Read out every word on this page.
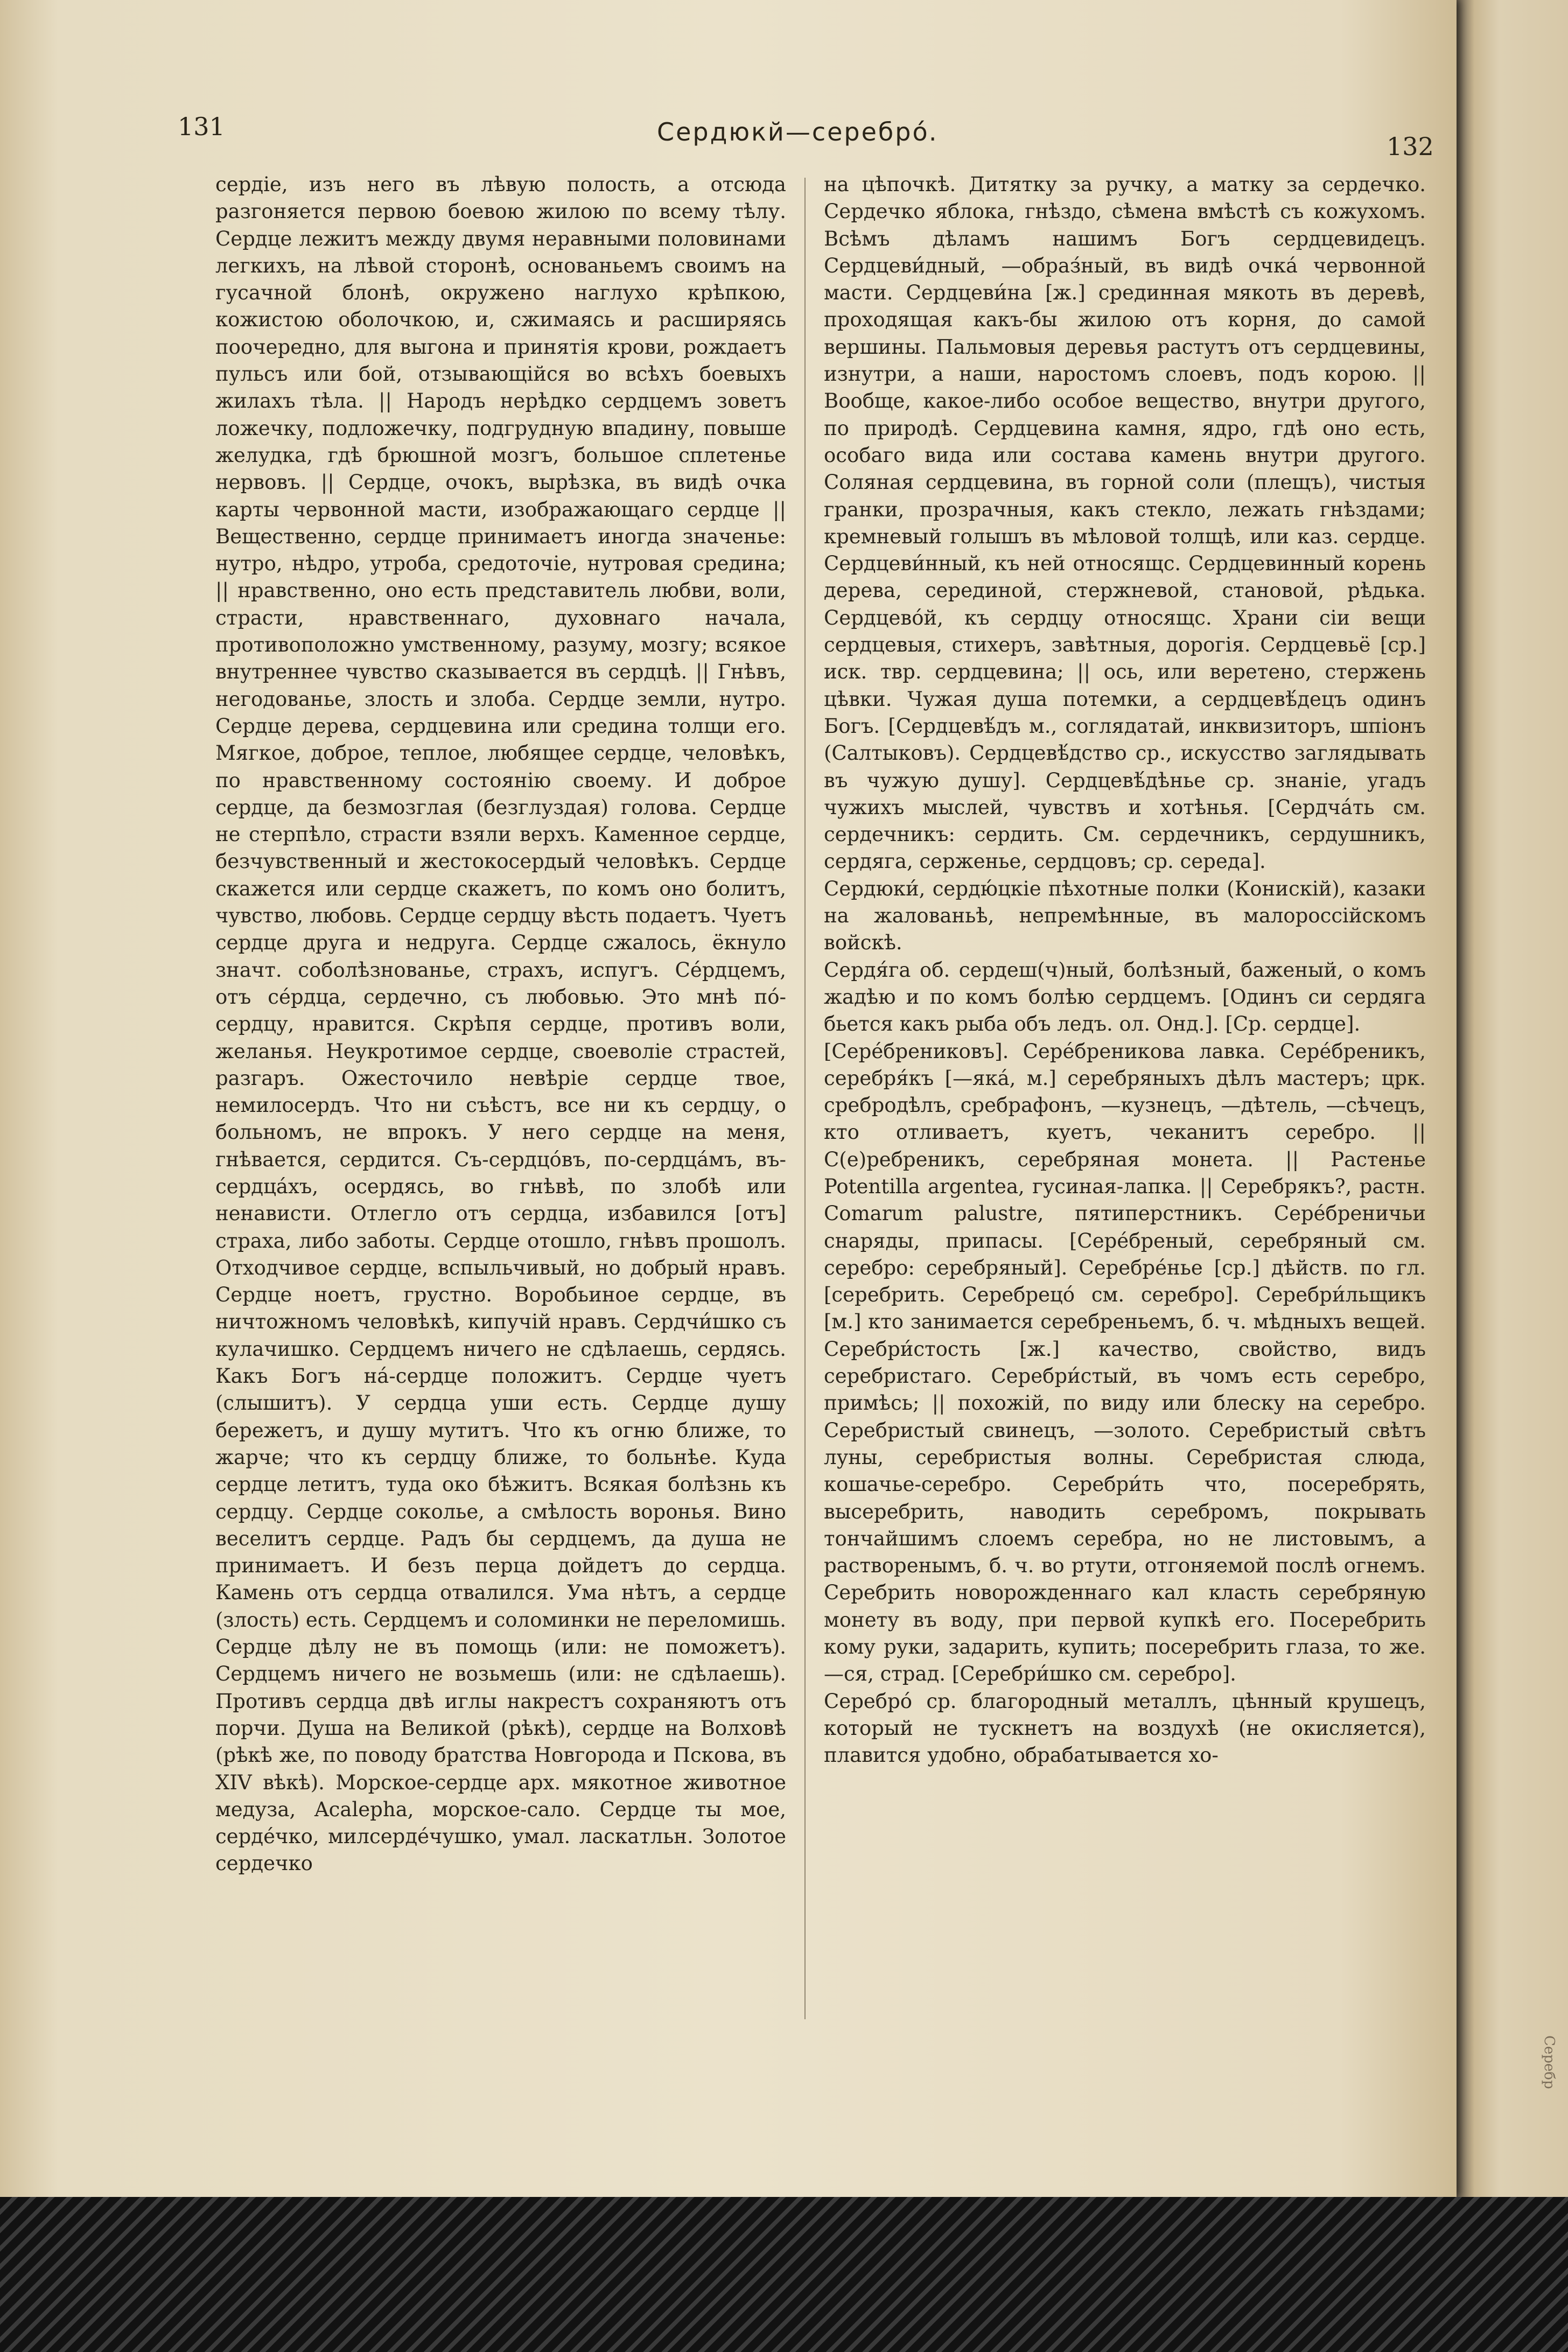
Серебр
131	Сердюкй—серебрó.	132
сердіе, изъ него въ лѣвую полость, а отсюда разгоняется первою боевою жилою по всему тѣлу. Сердце лежитъ между двумя неравными половинами легкихъ, на лѣвой сторонѣ, основаньемъ своимъ на гусачной блонѣ, окружено наглухо крѣпкою, кожистою оболочкою, и, сжимаясь и расширяясь поочередно, для выгона и принятія крови, рождаетъ пульсъ или бой, отзывающійся во всѣхъ боевыхъ жилахъ тѣла. || Народъ нерѣдко сердцемъ зоветъ ложечку, подложечку, подгрудную впадину, повыше желудка, гдѣ брюшной мозгъ, большое сплетенье нервовъ. || Сердце, очокъ, вырѣзка, въ видѣ очка карты червонной масти, изображающаго сердце || Вещественно, сердце принимаетъ иногда значенье: нутро, нѣдро, утроба, средоточіе, нутровая средина; || нравственно, оно есть представитель любви, воли, страсти, нравственнаго, духовнаго начала, противоположно умственному, разуму, мозгу; всякое внутреннее чувство сказывается въ сердцѣ. || Гнѣвъ, негодованье, злость и злоба. Сердце земли, нутро. Сердце дерева, сердцевина или средина толщи его. Мягкое, доброе, теплое, любящее сердце, человѣкъ, по нравственному состоянію своему. И доброе сердце, да безмозглая (безглуздая) голова. Сердце не стерпѣло, страсти взяли верхъ. Каменное сердце, безчувственный и жестокосердый человѣкъ. Сердце скажется или сердце скажетъ, по комъ оно болитъ, чувство, любовь. Сердце сердцу вѣсть подаетъ. Чуетъ сердце друга и недруга. Сердце сжалось, ёкнуло значт. соболѣзнованье, страхъ, испугъ. Сéрдцемъ, отъ сéрдца, сердечно, съ любовью. Это мнѣ пó-сердцу, нравится. Скрѣпя сердце, противъ воли, желанья. Неукротимое сердце, своеволіе страстей, разгаръ. Ожесточило невѣріе сердце твое, немилосердъ. Что ни съѣстъ, все ни къ сердцу, о больномъ, не впрокъ. У него сердце на меня, гнѣвается, сердится. Съ-сердцóвъ, по-сердцáмъ, въ-сердцáхъ, осердясь, во гнѣвѣ, по злобѣ или ненависти. Отлегло отъ сердца, избавился [отъ] страха, либо заботы. Сердце отошло, гнѣвъ прошолъ. Отходчивое сердце, вспыльчивый, но добрый нравъ. Сердце ноетъ, грустно. Воробьиное сердце, въ ничтожномъ человѣкѣ, кипучій нравъ. Сердчи́шко съ кулачишко. Сердцемъ ничего не сдѣлаешь, сердясь. Какъ Богъ нá-сердце положитъ. Сердце чуетъ (слышитъ). У сердца уши есть. Сердце душу бережетъ, и душу мутитъ. Что къ огню ближе, то жарче; что къ сердцу ближе, то больнѣе. Куда сердце летитъ, туда око бѣжитъ. Всякая болѣзнь къ сердцу. Сердце соколье, а смѣлость воронья. Вино веселитъ сердце. Радъ бы сердцемъ, да душа не принимаетъ. И безъ перца дойдетъ до сердца. Камень отъ сердца отвалился. Ума нѣтъ, а сердце (злость) есть. Сердцемъ и соломинки не переломишь. Сердце дѣлу не въ помощь (или: не поможетъ). Сердцемъ ничего не возьмешь (или: не сдѣлаешь). Противъ сердца двѣ иглы накрестъ сохраняютъ отъ порчи. Душа на Великой (рѣкѣ), сердце на Волховѣ (рѣкѣ же, по поводу братства Новгорода и Пскова, въ XIV вѣкѣ). Морское-сердце арх. мякотное животное медуза, Acalepha, морское-сало. Сердце ты мое, сердéчко, милсердéчушко, умал. ласкатльн. Золотое сердечко
на цѣпочкѣ. Дитятку за ручку, а матку за сердечко. Сердечко яблока, гнѣздо, сѣмена вмѣстѣ съ кожухомъ. Всѣмъ дѣламъ нашимъ Богъ сердцевидецъ. Сердцеви́дный, —образ́ный, въ видѣ очкá червонной масти. Сердцеви́на [ж.] срединная мякоть въ деревѣ, проходящая какъ-бы жилою отъ корня, до самой вершины. Пальмовыя деревья растутъ отъ сердцевины, изнутри, а наши, наростомъ слоевъ, подъ корою. || Вообще, какое-либо особое вещество, внутри другого, по природѣ. Сердцевина камня, ядро, гдѣ оно есть, особаго вида или состава камень внутри другого. Соляная сердцевина, въ горной соли (плещъ), чистыя гранки, прозрачныя, какъ стекло, лежать гнѣздами; кремневый голышъ въ мѣловой толщѣ, или каз. сердце. Сердцеви́нный, къ ней относящс. Сердцевинный корень дерева, серединой, стержневой, становой, рѣдька. Сердцевóй, къ сердцу относящс. Храни сіи вещи сердцевыя, стихеръ, завѣтныя, дорогія. Сердцевьё [ср.] иск. твр. сердцевина; || ось, или веретено, стержень цѣвки. Чужая душа потемки, а сердцевѣ́децъ одинъ Богъ. [Сердцевѣ́дъ м., соглядатай, инквизиторъ, шпіонъ (Салтыковъ). Сердцевѣ́дство ср., искусство заглядывать въ чужую душу]. Сердцевѣ́дѣнье ср. знаніе, угадъ чужихъ мыслей, чувствъ и хотѣнья. [Сердчáть см. сердечникъ: сердить. См. сердечникъ, сердушникъ, сердяга, серженье, сердцовъ; ср. середа].
Сердюки́, сердю́цкіе пѣхотные полки (Конискій), казаки на жалованьѣ, непремѣнные, въ малороссійскомъ войскѣ.
Сердя́га об. сердеш(ч)ный, болѣзный, баженый, о комъ жадѣю и по комъ болѣю сердцемъ. [Одинъ си сердяга бьется какъ рыба объ ледъ. ол. Онд.]. [Ср. сердце].
[Серéбрениковъ]. Серéбреникова лавка. Серéбреникъ, серебря́къ [—якá, м.] серебряныхъ дѣлъ мастеръ; црк. сребродѣлъ, сребрафонъ, —кузнецъ, —дѣтель, —сѣчецъ, кто отливаетъ, куетъ, чеканитъ серебро. || С(е)ребреникъ, серебряная монета. || Растенье Potentilla argentea, гусиная-лапка. || Серебрякъ?, растн. Comarum palustre, пятиперстникъ. Серéбреничьи снаряды, припасы. [Серéбреный, серебряный см. серебро: серебряный]. Серебрéнье [ср.] дѣйств. по гл. [серебрить. Серебрецó см. серебро]. Серебри́льщикъ [м.] кто занимается серебреньемъ, б. ч. мѣдныхъ вещей. Серебри́стость [ж.] качество, свойство, видъ серебристаго. Серебри́стый, въ чомъ есть серебро, примѣсь; || похожій, по виду или блеску на серебро. Серебристый свинецъ, —золото. Серебристый свѣтъ луны, серебристыя волны. Серебристая слюда, кошачье-серебро. Серебри́ть что, посеребрять, высеребрить, наводить серебромъ, покрывать тончайшимъ слоемъ серебра, но не листовымъ, а растворенымъ, б. ч. во ртути, отгоняемой послѣ огнемъ. Серебрить новорожденнаго кал класть серебряную монету въ воду, при первой купкѣ его. Посеребрить кому руки, задарить, купить; посеребрить глаза, то же. —ся, страд. [Серебри́шко см. серебро].
Серебрó ср. благородный металлъ, цѣнный крушецъ, который не тускнетъ на воздухѣ (не окисляется), плавится удобно, обрабатывается хо-
